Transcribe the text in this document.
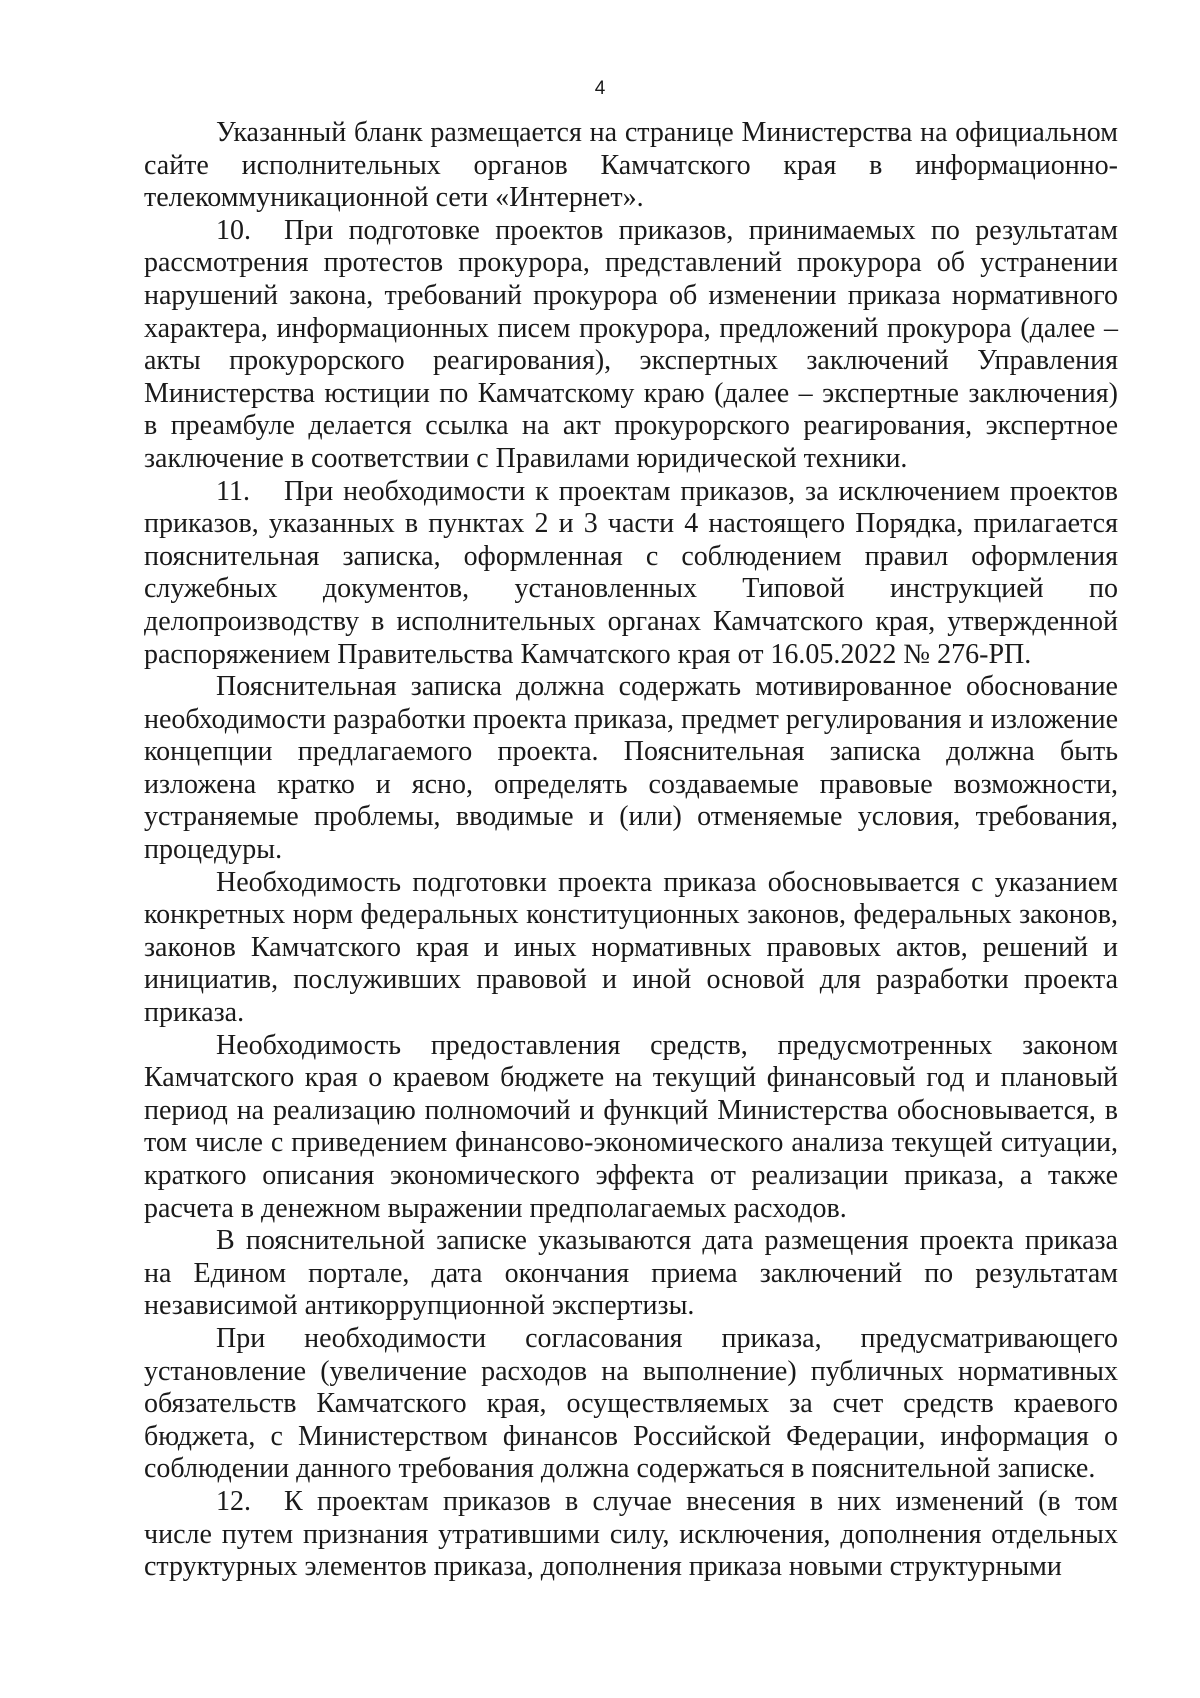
4

Указанный бланк размещается на странице Министерства на официальном сайте исполнительных органов Камчатского края в информационно-телекоммуникационной сети «Интернет».

10. При подготовке проектов приказов, принимаемых по результатам рассмотрения протестов прокурора, представлений прокурора об устранении нарушений закона, требований прокурора об изменении приказа нормативного характера, информационных писем прокурора, предложений прокурора (далее – акты прокурорского реагирования), экспертных заключений Управления Министерства юстиции по Камчатскому краю (далее – экспертные заключения) в преамбуле делается ссылка на акт прокурорского реагирования, экспертное заключение в соответствии с Правилами юридической техники.

11. При необходимости к проектам приказов, за исключением проектов приказов, указанных в пунктах 2 и 3 части 4 настоящего Порядка, прилагается пояснительная записка, оформленная с соблюдением правил оформления служебных документов, установленных Типовой инструкцией по делопроизводству в исполнительных органах Камчатского края, утвержденной распоряжением Правительства Камчатского края от 16.05.2022 № 276-РП.

Пояснительная записка должна содержать мотивированное обоснование необходимости разработки проекта приказа, предмет регулирования и изложение концепции предлагаемого проекта. Пояснительная записка должна быть изложена кратко и ясно, определять создаваемые правовые возможности, устраняемые проблемы, вводимые и (или) отменяемые условия, требования, процедуры.

Необходимость подготовки проекта приказа обосновывается с указанием конкретных норм федеральных конституционных законов, федеральных законов, законов Камчатского края и иных нормативных правовых актов, решений и инициатив, послуживших правовой и иной основой для разработки проекта приказа.

Необходимость предоставления средств, предусмотренных законом Камчатского края о краевом бюджете на текущий финансовый год и плановый период на реализацию полномочий и функций Министерства обосновывается, в том числе с приведением финансово-экономического анализа текущей ситуации, краткого описания экономического эффекта от реализации приказа, а также расчета в денежном выражении предполагаемых расходов.

В пояснительной записке указываются дата размещения проекта приказа на Едином портале, дата окончания приема заключений по результатам независимой антикоррупционной экспертизы.

При необходимости согласования приказа, предусматривающего установление (увеличение расходов на выполнение) публичных нормативных обязательств Камчатского края, осуществляемых за счет средств краевого бюджета, с Министерством финансов Российской Федерации, информация о соблюдении данного требования должна содержаться в пояснительной записке.

12. К проектам приказов в случае внесения в них изменений (в том числе путем признания утратившими силу, исключения, дополнения отдельных структурных элементов приказа, дополнения приказа новыми структурными
